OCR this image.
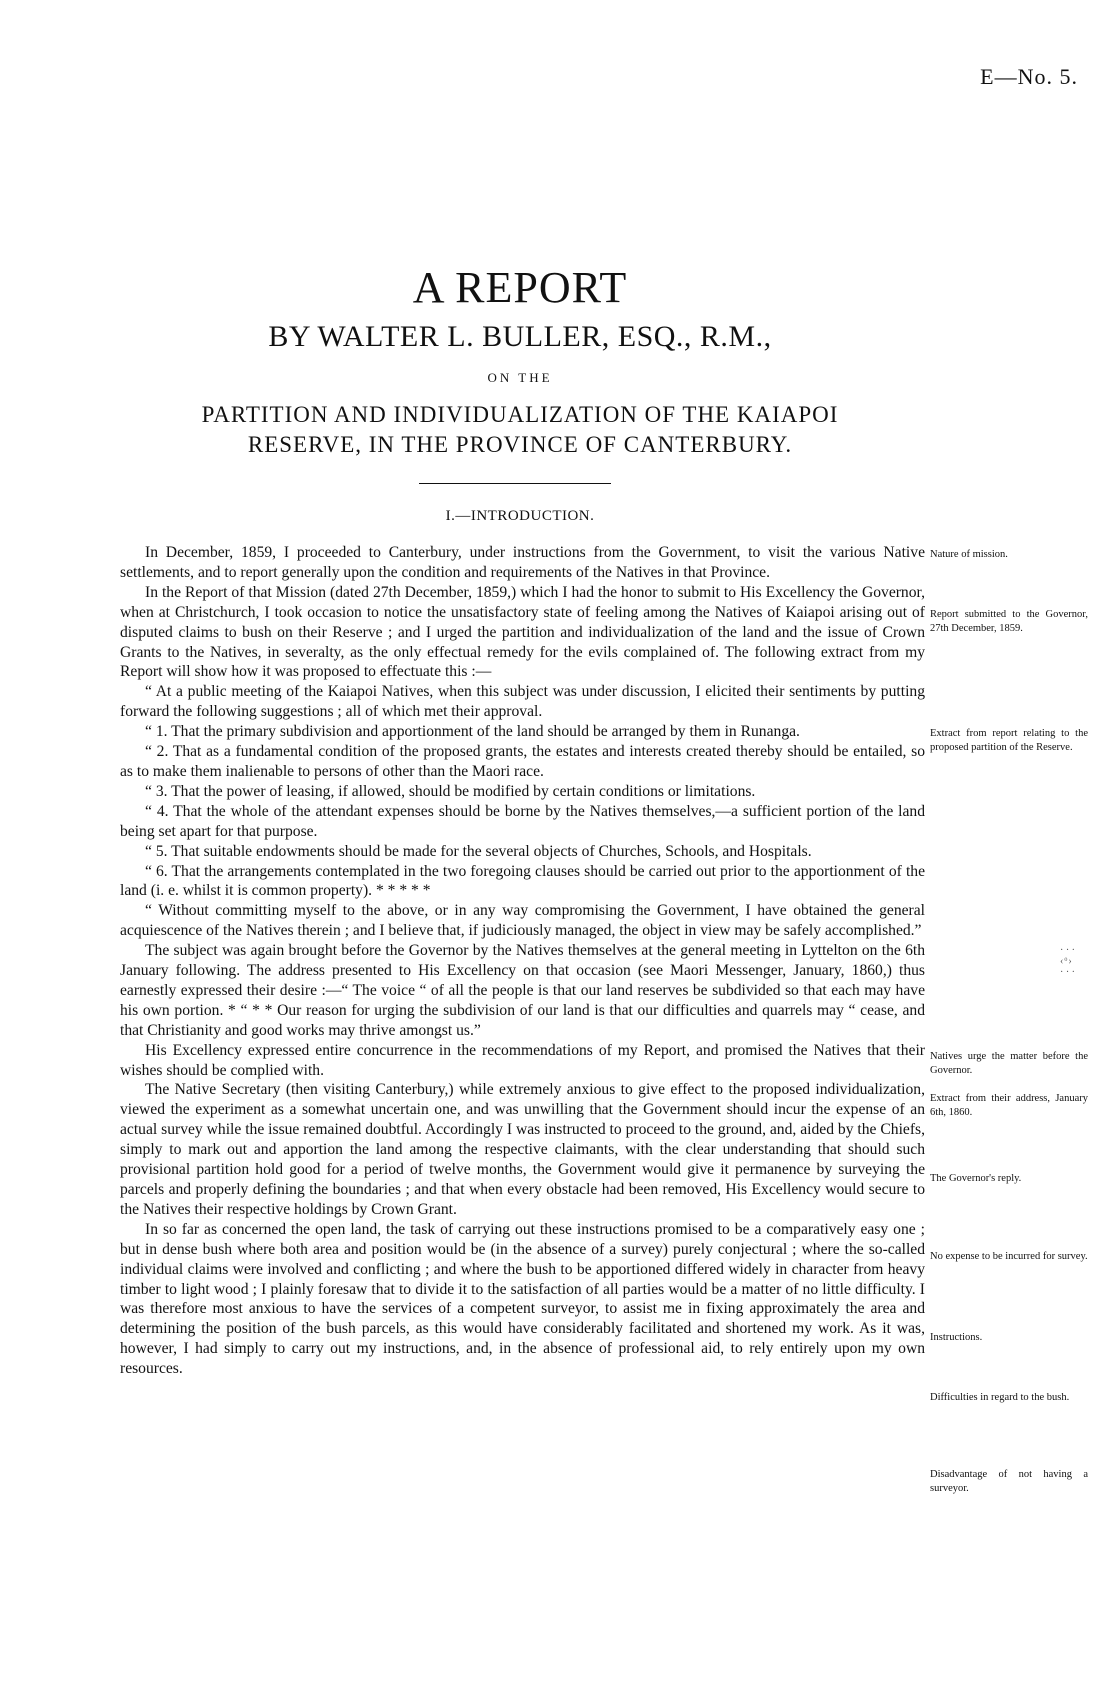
E—No. 5.
A REPORT
BY WALTER L. BULLER, ESQ., R.M.,
ON THE
PARTITION AND INDIVIDUALIZATION OF THE KAIAPOI
RESERVE, IN THE PROVINCE OF CANTERBURY.
I.—INTRODUCTION.

In December, 1859, I proceeded to Canterbury, under instructions from the Government, to visit the various Native settlements, and to report generally upon the condition and requirements of the Natives in that Province.

In the Report of that Mission (dated 27th December, 1859,) which I had the honor to submit to His Excellency the Governor, when at Christchurch, I took occasion to notice the unsatisfactory state of feeling among the Natives of Kaiapoi arising out of disputed claims to bush on their Reserve ; and I urged the partition and individualization of the land and the issue of Crown Grants to the Natives, in severalty, as the only effectual remedy for the evils complained of. The following extract from my Report will show how it was proposed to effectuate this :—

“ At a public meeting of the Kaiapoi Natives, when this subject was under discussion, I elicited their sentiments by putting forward the following suggestions ; all of which met their approval.

“ 1. That the primary subdivision and apportionment of the land should be arranged by them in Runanga.

“ 2. That as a fundamental condition of the proposed grants, the estates and interests created thereby should be entailed, so as to make them inalienable to persons of other than the Maori race.

“ 3. That the power of leasing, if allowed, should be modified by certain conditions or limitations.

“ 4. That the whole of the attendant expenses should be borne by the Natives themselves,—a sufficient portion of the land being set apart for that purpose.

“ 5. That suitable endowments should be made for the several objects of Churches, Schools, and Hospitals.

“ 6. That the arrangements contemplated in the two foregoing clauses should be carried out prior to the apportionment of the land (i. e. whilst it is common property). * * * * *

“ Without committing myself to the above, or in any way compromising the Government, I have obtained the general acquiescence of the Natives therein ; and I believe that, if judiciously managed, the object in view may be safely accomplished.”

The subject was again brought before the Governor by the Natives themselves at the general meeting in Lyttelton on the 6th January following. The address presented to His Excellency on that occasion (see Maori Messenger, January, 1860,) thus earnestly expressed their desire :—“ The voice “ of all the people is that our land reserves be subdivided so that each may have his own portion. * “ * * Our reason for urging the subdivision of our land is that our difficulties and quarrels may “ cease, and that Christianity and good works may thrive amongst us.”

His Excellency expressed entire concurrence in the recommendations of my Report, and promised the Natives that their wishes should be complied with.

The Native Secretary (then visiting Canterbury,) while extremely anxious to give effect to the proposed individualization, viewed the experiment as a somewhat uncertain one, and was unwilling that the Government should incur the expense of an actual survey while the issue remained doubtful. Accordingly I was instructed to proceed to the ground, and, aided by the Chiefs, simply to mark out and apportion the land among the respective claimants, with the clear understanding that should such provisional partition hold good for a period of twelve months, the Government would give it permanence by surveying the parcels and properly defining the boundaries ; and that when every obstacle had been removed, His Excellency would secure to the Natives their respective holdings by Crown Grant.

In so far as concerned the open land, the task of carrying out these instructions promised to be a comparatively easy one ; but in dense bush where both area and position would be (in the absence of a survey) purely conjectural ; where the so-called individual claims were involved and conflicting ; and where the bush to be apportioned differed widely in character from heavy timber to light wood ; I plainly foresaw that to divide it to the satisfaction of all parties would be a matter of no little difficulty. I was therefore most anxious to have the services of a competent surveyor, to assist me in fixing approximately the area and determining the position of the bush parcels, as this would have considerably facilitated and shortened my work. As it was, however, I had simply to carry out my instructions, and, in the absence of professional aid, to rely entirely upon my own resources.

Nature of mission.
Report submitted to the Governor, 27th December, 1859.
Extract from report relating to the proposed partition of the Reserve.
Natives urge the matter before the Governor.
Extract from their address, January 6th, 1860.
The Governor's reply.
No expense to be incurred for survey.
Instructions.
Difficulties in regard to the bush.
Disadvantage of not having a surveyor.
· · ·
‹ ͦ ›
· · ·
